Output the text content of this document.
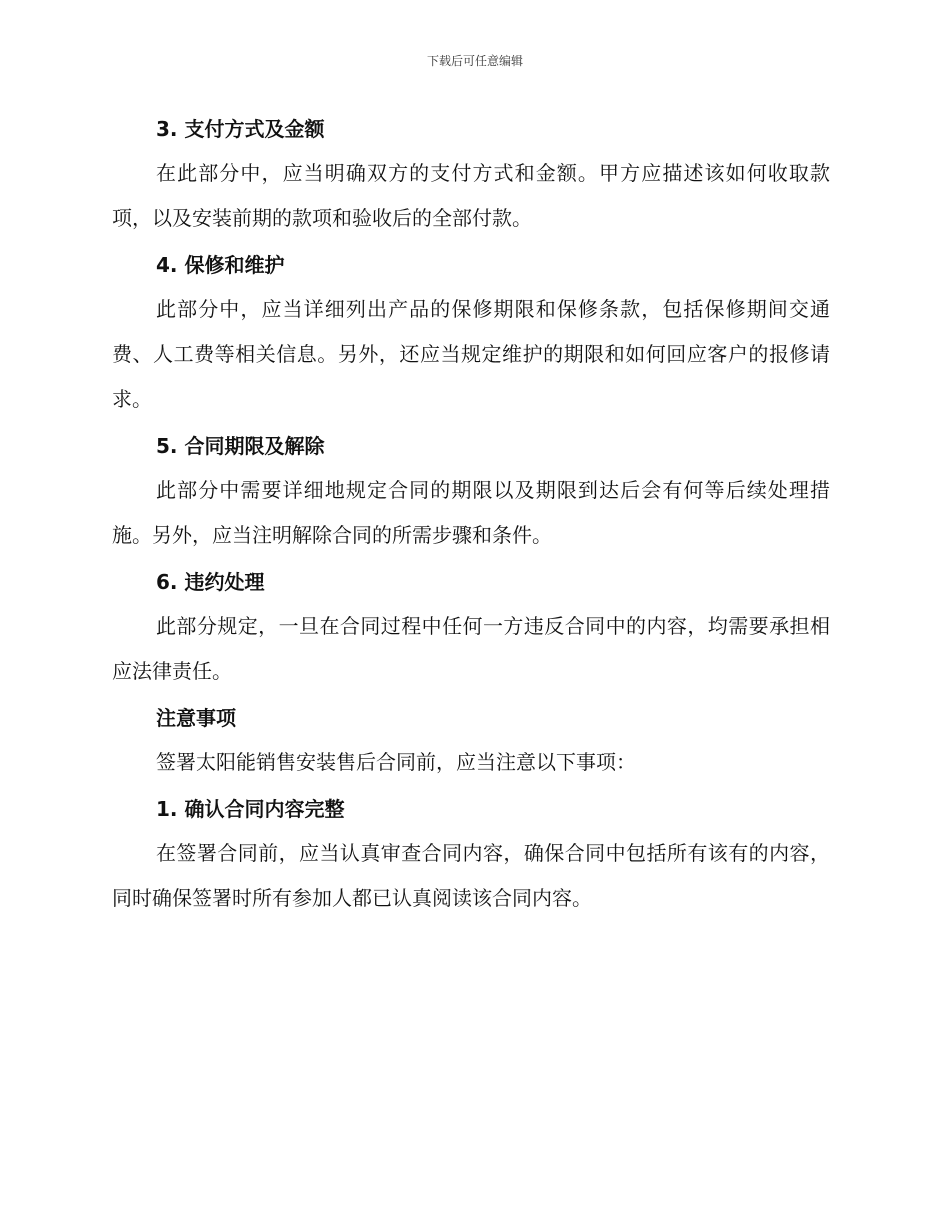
下载后可任意编辑
3. 支付方式及金额

在此部分中，应当明确双方的支付方式和金额。甲方应描述该如何收取款项，以及安装前期的款项和验收后的全部付款。

4. 保修和维护

此部分中，应当详细列出产品的保修期限和保修条款，包括保修期间交通费、人工费等相关信息。另外，还应当规定维护的期限和如何回应客户的报修请求。

5. 合同期限及解除

此部分中需要详细地规定合同的期限以及期限到达后会有何等后续处理措施。另外，应当注明解除合同的所需步骤和条件。

6. 违约处理

此部分规定，一旦在合同过程中任何一方违反合同中的内容，均需要承担相应法律责任。

注意事项

签署太阳能销售安装售后合同前，应当注意以下事项：

1. 确认合同内容完整

在签署合同前，应当认真审查合同内容，确保合同中包括所有该有的内容，同时确保签署时所有参加人都已认真阅读该合同内容。
